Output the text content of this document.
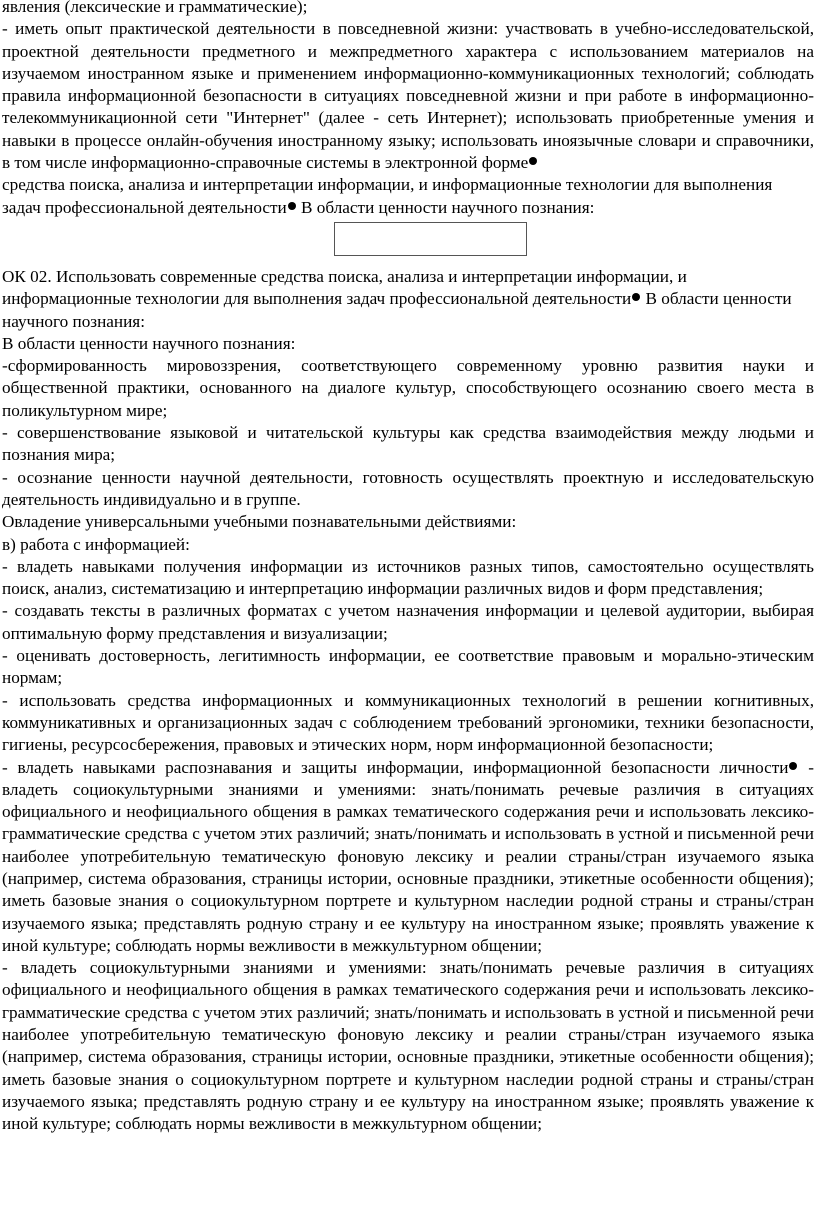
явления (лексические и грамматические);

- иметь опыт практической деятельности в повседневной жизни: участвовать в учебно-исследовательской, проектной деятельности предметного и межпредметного характера с использованием материалов на изучаемом иностранном языке и применением информационно-коммуникационных технологий; соблюдать правила информационной безопасности в ситуациях повседневной жизни и при работе в информационно-телекоммуникационной сети "Интернет" (далее - сеть Интернет); использовать приобретенные умения и навыки в процессе онлайн-обучения иностранному языку; использовать иноязычные словари и справочники, в том числе информационно-справочные системы в электронной форме

средства поиска, анализа и интерпретации информации, и информационные технологии для выполнения задач профессиональной деятельности В области ценности научного познания:

ОК 02. Использовать современные средства поиска, анализа и интерпретации информации, и информационные технологии для выполнения задач профессиональной деятельности В области ценности научного познания:

В области ценности научного познания:

-сформированность мировоззрения, соответствующего современному уровню развития науки и общественной практики, основанного на диалоге культур, способствующего осознанию своего места в поликультурном мире;

- совершенствование языковой и читательской культуры как средства взаимодействия между людьми и познания мира;

- осознание ценности научной деятельности, готовность осуществлять проектную и исследовательскую деятельность индивидуально и в группе.

Овладение универсальными учебными познавательными действиями:

в) работа с информацией:

- владеть навыками получения информации из источников разных типов, самостоятельно осуществлять поиск, анализ, систематизацию и интерпретацию информации различных видов и форм представления;

- создавать тексты в различных форматах с учетом назначения информации и целевой аудитории, выбирая оптимальную форму представления и визуализации;

- оценивать достоверность, легитимность информации, ее соответствие правовым и морально-этическим нормам;

- использовать средства информационных и коммуникационных технологий в решении когнитивных, коммуникативных и организационных задач с соблюдением требований эргономики, техники безопасности, гигиены, ресурсосбережения, правовых и этических норм, норм информационной безопасности;

- владеть навыками распознавания и защиты информации, информационной безопасности личности - владеть социокультурными знаниями и умениями: знать/понимать речевые различия в ситуациях официального и неофициального общения в рамках тематического содержания речи и использовать лексико-грамматические средства с учетом этих различий; знать/понимать и использовать в устной и письменной речи наиболее употребительную тематическую фоновую лексику и реалии страны/стран изучаемого языка (например, система образования, страницы истории, основные праздники, этикетные особенности общения); иметь базовые знания о социокультурном портрете и культурном наследии родной страны и страны/стран изучаемого языка; представлять родную страну и ее культуру на иностранном языке; проявлять уважение к иной культуре; соблюдать нормы вежливости в межкультурном общении;

- владеть социокультурными знаниями и умениями: знать/понимать речевые различия в ситуациях официального и неофициального общения в рамках тематического содержания речи и использовать лексико-грамматические средства с учетом этих различий; знать/понимать и использовать в устной и письменной речи наиболее употребительную тематическую фоновую лексику и реалии страны/стран изучаемого языка (например, система образования, страницы истории, основные праздники, этикетные особенности общения); иметь базовые знания о социокультурном портрете и культурном наследии родной страны и страны/стран изучаемого языка; представлять родную страну и ее культуру на иностранном языке; проявлять уважение к иной культуре; соблюдать нормы вежливости в межкультурном общении;
